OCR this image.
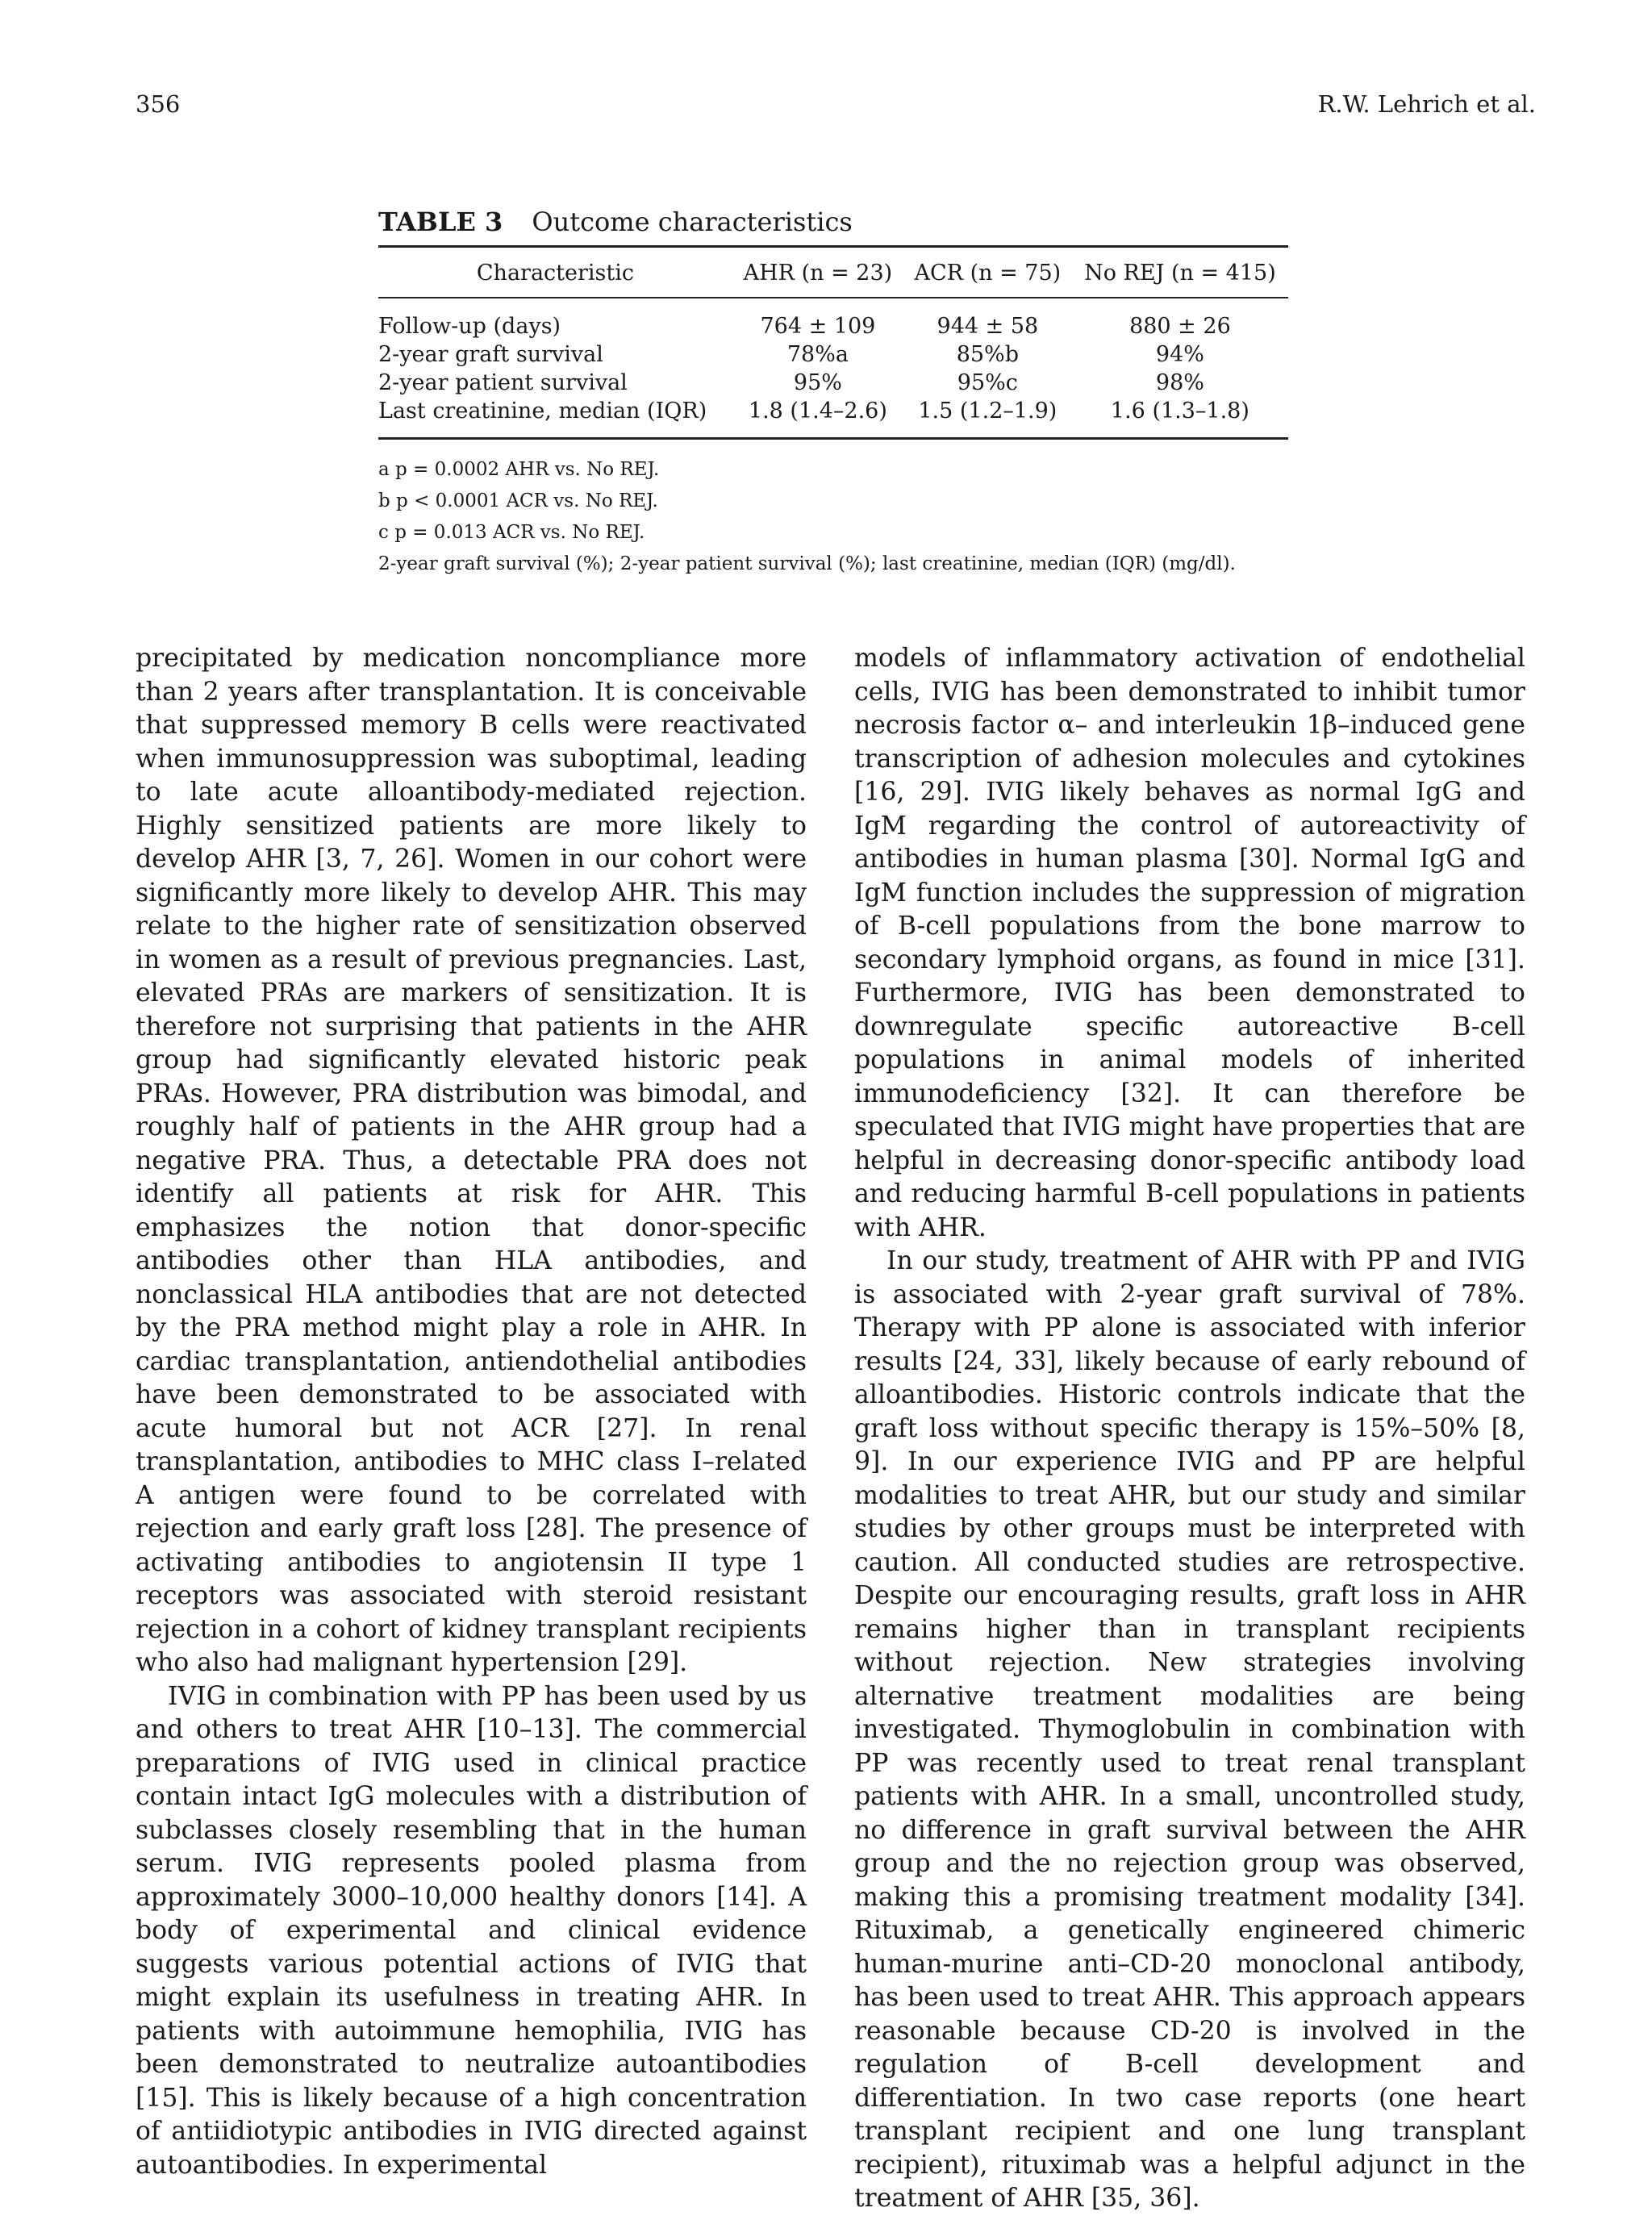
356	R.W. Lehrich et al.
TABLE 3 Outcome characteristics
Characteristic	AHR (n = 23)	ACR (n = 75)	No REJ (n = 415)
Follow-up (days)	764 ± 109	944 ± 58	880 ± 26
2-year graft survival	78%a	85%b	94%
2-year patient survival	95%	95%c	98%
Last creatinine, median (IQR)	1.8 (1.4–2.6)	1.5 (1.2–1.9)	1.6 (1.3–1.8)
a p = 0.0002 AHR vs. No REJ.
b p < 0.0001 ACR vs. No REJ.
c p = 0.013 ACR vs. No REJ.
2-year graft survival (%); 2-year patient survival (%); last creatinine, median (IQR) (mg/dl).

precipitated by medication noncompliance more than 2 years after transplantation. It is conceivable that suppressed memory B cells were reactivated when immunosuppression was suboptimal, leading to late acute alloantibody-mediated rejection. Highly sensitized patients are more likely to develop AHR [3, 7, 26]. Women in our cohort were significantly more likely to develop AHR. This may relate to the higher rate of sensitization observed in women as a result of previous pregnancies. Last, elevated PRAs are markers of sensitization. It is therefore not surprising that patients in the AHR group had significantly elevated historic peak PRAs. However, PRA distribution was bimodal, and roughly half of patients in the AHR group had a negative PRA. Thus, a detectable PRA does not identify all patients at risk for AHR. This emphasizes the notion that donor-specific antibodies other than HLA antibodies, and nonclassical HLA antibodies that are not detected by the PRA method might play a role in AHR. In cardiac transplantation, antiendothelial antibodies have been demonstrated to be associated with acute humoral but not ACR [27]. In renal transplantation, antibodies to MHC class I–related A antigen were found to be correlated with rejection and early graft loss [28]. The presence of activating antibodies to angiotensin II type 1 receptors was associated with steroid resistant rejection in a cohort of kidney transplant recipients who also had malignant hypertension [29].

IVIG in combination with PP has been used by us and others to treat AHR [10–13]. The commercial preparations of IVIG used in clinical practice contain intact IgG molecules with a distribution of subclasses closely resembling that in the human serum. IVIG represents pooled plasma from approximately 3000–10,000 healthy donors [14]. A body of experimental and clinical evidence suggests various potential actions of IVIG that might explain its usefulness in treating AHR. In patients with autoimmune hemophilia, IVIG has been demonstrated to neutralize autoantibodies [15]. This is likely because of a high concentration of antiidiotypic antibodies in IVIG directed against autoantibodies. In experimental

models of inflammatory activation of endothelial cells, IVIG has been demonstrated to inhibit tumor necrosis factor α– and interleukin 1β–induced gene transcription of adhesion molecules and cytokines [16, 29]. IVIG likely behaves as normal IgG and IgM regarding the control of autoreactivity of antibodies in human plasma [30]. Normal IgG and IgM function includes the suppression of migration of B-cell populations from the bone marrow to secondary lymphoid organs, as found in mice [31]. Furthermore, IVIG has been demonstrated to downregulate specific autoreactive B-cell populations in animal models of inherited immunodeficiency [32]. It can therefore be speculated that IVIG might have properties that are helpful in decreasing donor-specific antibody load and reducing harmful B-cell populations in patients with AHR.

In our study, treatment of AHR with PP and IVIG is associated with 2-year graft survival of 78%. Therapy with PP alone is associated with inferior results [24, 33], likely because of early rebound of alloantibodies. Historic controls indicate that the graft loss without specific therapy is 15%–50% [8, 9]. In our experience IVIG and PP are helpful modalities to treat AHR, but our study and similar studies by other groups must be interpreted with caution. All conducted studies are retrospective. Despite our encouraging results, graft loss in AHR remains higher than in transplant recipients without rejection. New strategies involving alternative treatment modalities are being investigated. Thymoglobulin in combination with PP was recently used to treat renal transplant patients with AHR. In a small, uncontrolled study, no difference in graft survival between the AHR group and the no rejection group was observed, making this a promising treatment modality [34]. Rituximab, a genetically engineered chimeric human-murine anti–CD-20 monoclonal antibody, has been used to treat AHR. This approach appears reasonable because CD-20 is involved in the regulation of B-cell development and differentiation. In two case reports (one heart transplant recipient and one lung transplant recipient), rituximab was a helpful adjunct in the treatment of AHR [35, 36].
